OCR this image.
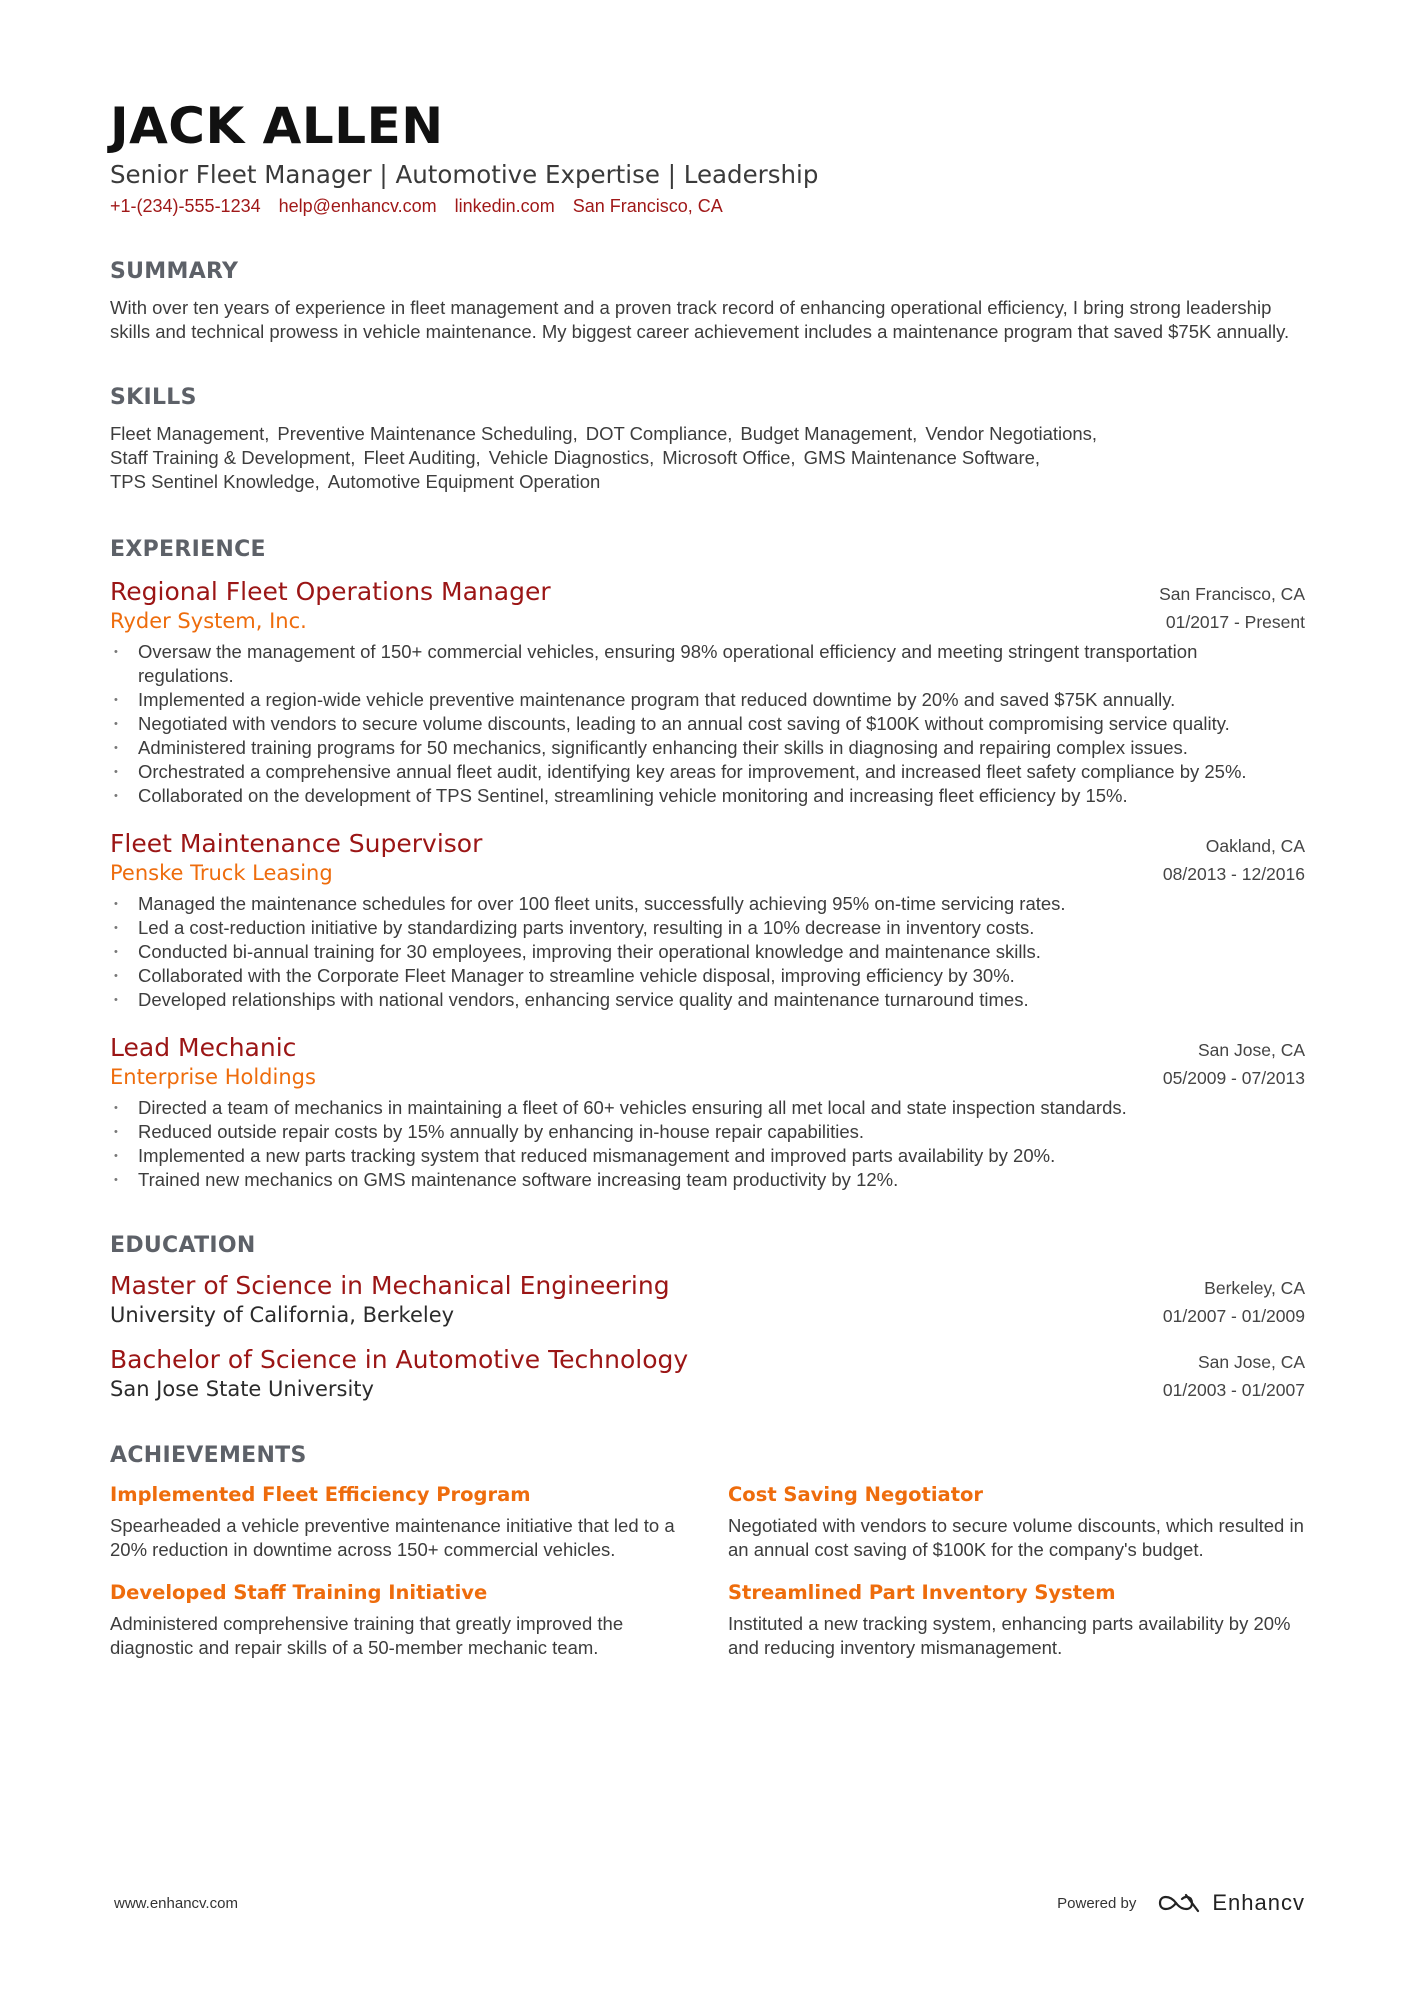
JACK ALLEN
Senior Fleet Manager | Automotive Expertise | Leadership
+1-(234)-555-1234 help@enhancv.com linkedin.com San Francisco, CA
SUMMARY
With over ten years of experience in fleet management and a proven track record of enhancing operational efficiency, I bring strong leadership skills and technical prowess in vehicle maintenance. My biggest career achievement includes a maintenance program that saved $75K annually.
SKILLS
Fleet Management, Preventive Maintenance Scheduling, DOT Compliance, Budget Management, Vendor Negotiations,
Staff Training & Development, Fleet Auditing, Vehicle Diagnostics, Microsoft Office, GMS Maintenance Software,
TPS Sentinel Knowledge, Automotive Equipment Operation
EXPERIENCE
Regional Fleet Operations Manager	San Francisco, CA
Ryder System, Inc.	01/2017 - Present
• Oversaw the management of 150+ commercial vehicles, ensuring 98% operational efficiency and meeting stringent transportation regulations.
• Implemented a region-wide vehicle preventive maintenance program that reduced downtime by 20% and saved $75K annually.
• Negotiated with vendors to secure volume discounts, leading to an annual cost saving of $100K without compromising service quality.
• Administered training programs for 50 mechanics, significantly enhancing their skills in diagnosing and repairing complex issues.
• Orchestrated a comprehensive annual fleet audit, identifying key areas for improvement, and increased fleet safety compliance by 25%.
• Collaborated on the development of TPS Sentinel, streamlining vehicle monitoring and increasing fleet efficiency by 15%.
Fleet Maintenance Supervisor	Oakland, CA
Penske Truck Leasing	08/2013 - 12/2016
• Managed the maintenance schedules for over 100 fleet units, successfully achieving 95% on-time servicing rates.
• Led a cost-reduction initiative by standardizing parts inventory, resulting in a 10% decrease in inventory costs.
• Conducted bi-annual training for 30 employees, improving their operational knowledge and maintenance skills.
• Collaborated with the Corporate Fleet Manager to streamline vehicle disposal, improving efficiency by 30%.
• Developed relationships with national vendors, enhancing service quality and maintenance turnaround times.
Lead Mechanic	San Jose, CA
Enterprise Holdings	05/2009 - 07/2013
• Directed a team of mechanics in maintaining a fleet of 60+ vehicles ensuring all met local and state inspection standards.
• Reduced outside repair costs by 15% annually by enhancing in-house repair capabilities.
• Implemented a new parts tracking system that reduced mismanagement and improved parts availability by 20%.
• Trained new mechanics on GMS maintenance software increasing team productivity by 12%.
EDUCATION
Master of Science in Mechanical Engineering	Berkeley, CA
University of California, Berkeley	01/2007 - 01/2009
Bachelor of Science in Automotive Technology	San Jose, CA
San Jose State University	01/2003 - 01/2007
ACHIEVEMENTS
Implemented Fleet Efficiency Program
Spearheaded a vehicle preventive maintenance initiative that led to a 20% reduction in downtime across 150+ commercial vehicles.
Cost Saving Negotiator
Negotiated with vendors to secure volume discounts, which resulted in an annual cost saving of $100K for the company's budget.
Developed Staff Training Initiative
Administered comprehensive training that greatly improved the diagnostic and repair skills of a 50-member mechanic team.
Streamlined Part Inventory System
Instituted a new tracking system, enhancing parts availability by 20% and reducing inventory mismanagement.
www.enhancv.com	Powered by	Enhancv
